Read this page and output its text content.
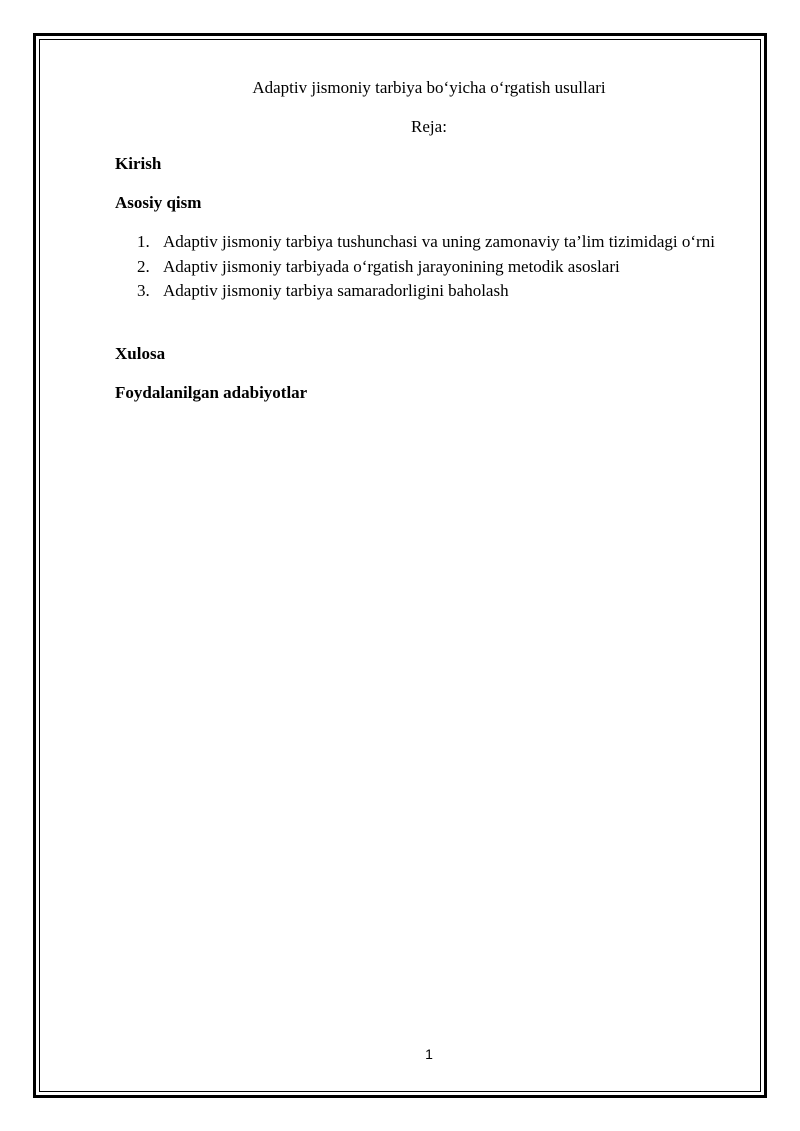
Adaptiv jismoniy tarbiya bo‘yicha o‘rgatish usullari

Reja:

Kirish

Asosiy qism

1. Adaptiv jismoniy tarbiya tushunchasi va uning zamonaviy ta’lim tizimidagi o‘rni
2. Adaptiv jismoniy tarbiyada o‘rgatish jarayonining metodik asoslari
3. Adaptiv jismoniy tarbiya samaradorligini baholash

Xulosa

Foydalanilgan adabiyotlar

1
